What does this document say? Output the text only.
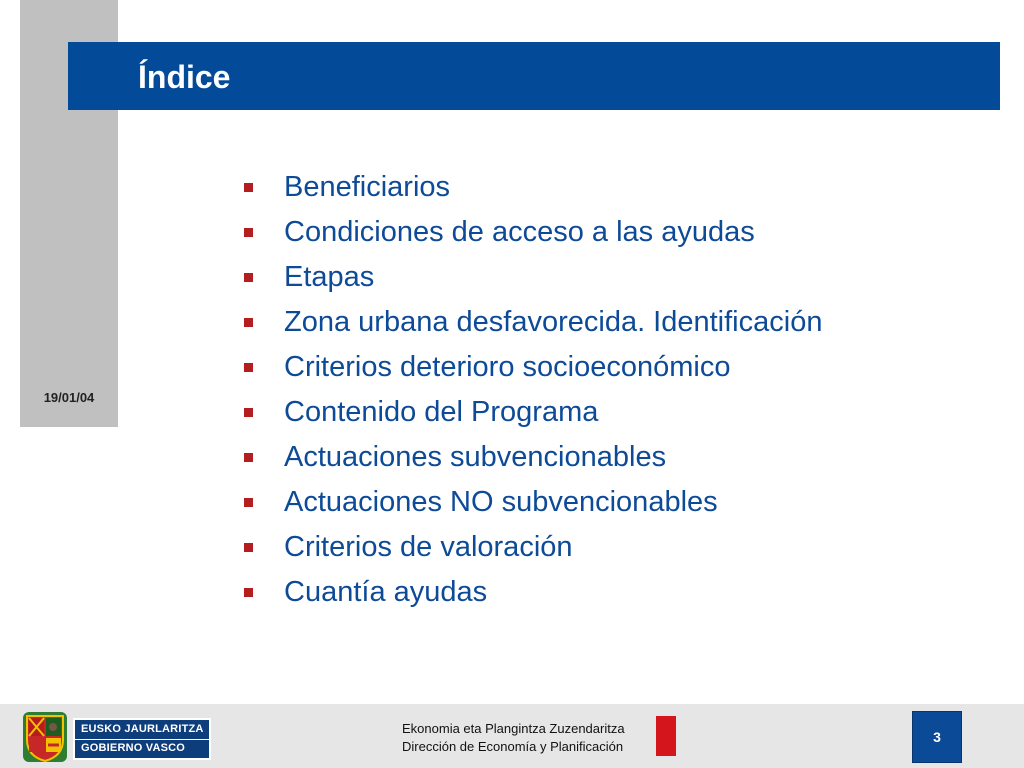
19/01/04
Índice
Beneficiarios
Condiciones de acceso a las ayudas
Etapas
Zona urbana desfavorecida. Identificación
Criterios deterioro socioeconómico
Contenido del Programa
Actuaciones subvencionables
Actuaciones NO subvencionables
Criterios de valoración
Cuantía ayudas
EUSKO JAURLARITZA
GOBIERNO VASCO
Ekonomia eta Plangintza Zuzendaritza
Dirección de Economía y Planificación
3
